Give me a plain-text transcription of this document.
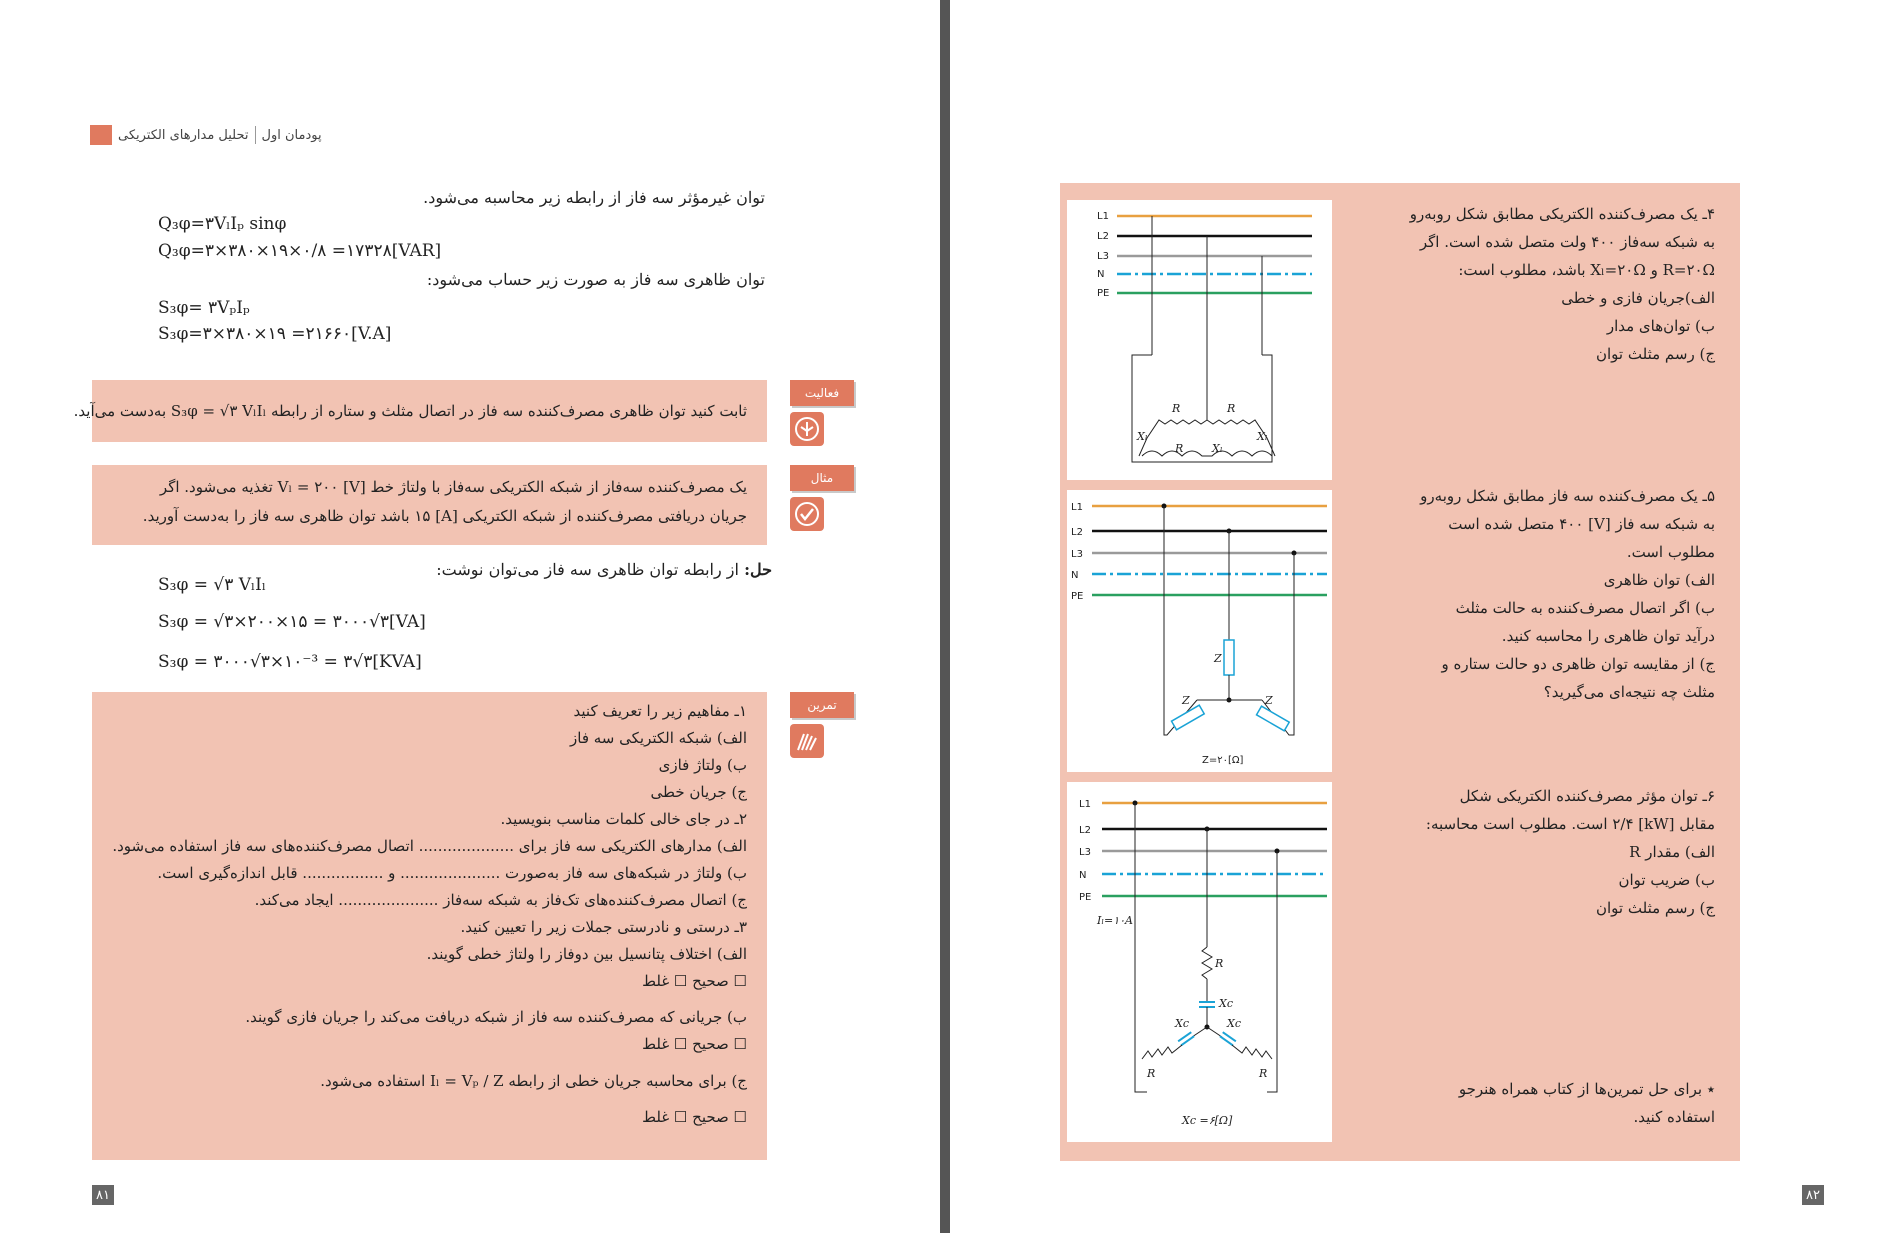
تحلیل مدارهای الکتریکی پودمان اول
توان غیرمؤثر سه فاز از رابطه زیر محاسبه می‌شود.
Q₃φ=۳VₗIₚ sinφ
Q₃φ=۳×۳۸۰×۱۹×۰/۸ =۱۷۳۲۸[VAR]
توان ظاهری سه فاز به صورت زیر حساب می‌شود:
S₃φ= ۳VₚIₚ
S₃φ=۳×۳۸۰×۱۹ =۲۱۶۶۰[V.A]
ثابت کنید توان ظاهری مصرف‌کننده سه فاز در اتصال مثلث و ستاره از رابطه S₃φ = √۳ VₗIₗ به‌دست می‌آید.
فعالیت
یک مصرف‌کننده سه‌فاز از شبکه الکتریکی سه‌فاز با ولتاژ خط [V] Vₗ = ۲۰۰ تغذیه می‌شود. اگر
جریان دریافتی مصرف‌کننده از شبکه الکتریکی [A] ۱۵ باشد توان ظاهری سه فاز را به‌دست آورید.
مثال
حل: از رابطه توان ظاهری سه فاز می‌توان نوشت:
S₃φ = √۳ VₗIₗ
S₃φ = √۳×۲۰۰×۱۵ = ۳۰۰۰√۳[VA]
S₃φ = ۳۰۰۰√۳×۱۰⁻³ = ۳√۳[KVA]
۱ـ مفاهیم زیر را تعریف کنید
الف) شبکه الکتریکی سه فاز
ب) ولتاژ فازی
ج) جریان خطی
۲ـ در جای خالی کلمات مناسب بنویسید.
الف) مدارهای الکتریکی سه فاز برای .................... اتصال مصرف‌کننده‌های سه فاز استفاده می‌شود.
ب) ولتاژ در شبکه‌های سه فاز به‌صورت ..................... و ................. قابل اندازه‌گیری است.
ج) اتصال مصرف‌کننده‌های تک‌فاز به شبکه سه‌فاز ..................... ایجاد می‌کند.
۳ـ درستی و نادرستی جملات زیر را تعیین کنید.
الف) اختلاف پتانسیل بین دوفاز را ولتاژ خطی گویند.
☐ صحیح ☐ غلط
ب) جریانی که مصرف‌کننده سه فاز از شبکه دریافت می‌کند را جریان فازی گویند.
☐ صحیح ☐ غلط
ج) برای محاسبه جریان خطی از رابطه Iₗ = Vₚ / Z استفاده می‌شود.
☐ صحیح ☐ غلط
تمرین
۸۱
۴ـ یک مصرف‌کننده الکتریکی مطابق شکل روبه‌رو
به شبکه سه‌فاز ۴۰۰ ولت متصل شده است. اگر
R=۲۰Ω و Xₗ=۲۰Ω باشد، مطلوب است:
الف)جریان فازی و خطی
ب) توان‌های مدار
ج) رسم مثلث توان
۵ـ یک مصرف‌کننده سه فاز مطابق شکل روبه‌رو
به شبکه سه فاز [V] ۴۰۰ متصل شده است
مطلوب است.
الف) توان ظاهری
ب) اگر اتصال مصرف‌کننده به حالت مثلث
درآید توان ظاهری را محاسبه کنید.
ج) از مقایسه توان ظاهری دو حالت ستاره و
مثلث چه نتیجه‌ای می‌گیرید؟
۶ـ توان مؤثر مصرف‌کننده الکتریکی شکل
مقابل [kW] ۲/۴ است. مطلوب است محاسبه:
الف) مقدار R
ب) ضریب توان
ج) رسم مثلث توان
٭ برای حل تمرین‌ها از کتاب همراه هنرجو
استفاده کنید.
L1
L2
L3
N
PE
R	R
R
Xₗ	Xₗ
Xₗ
L1
L2
L3
N
PE
Z
Z	Z
Z=۲۰[Ω]
L1
L2
L3
N
PE
Iₗ=۱۰A
R
Xc
Xc	Xc
R	R
Xc =۶[Ω]
۸۲
